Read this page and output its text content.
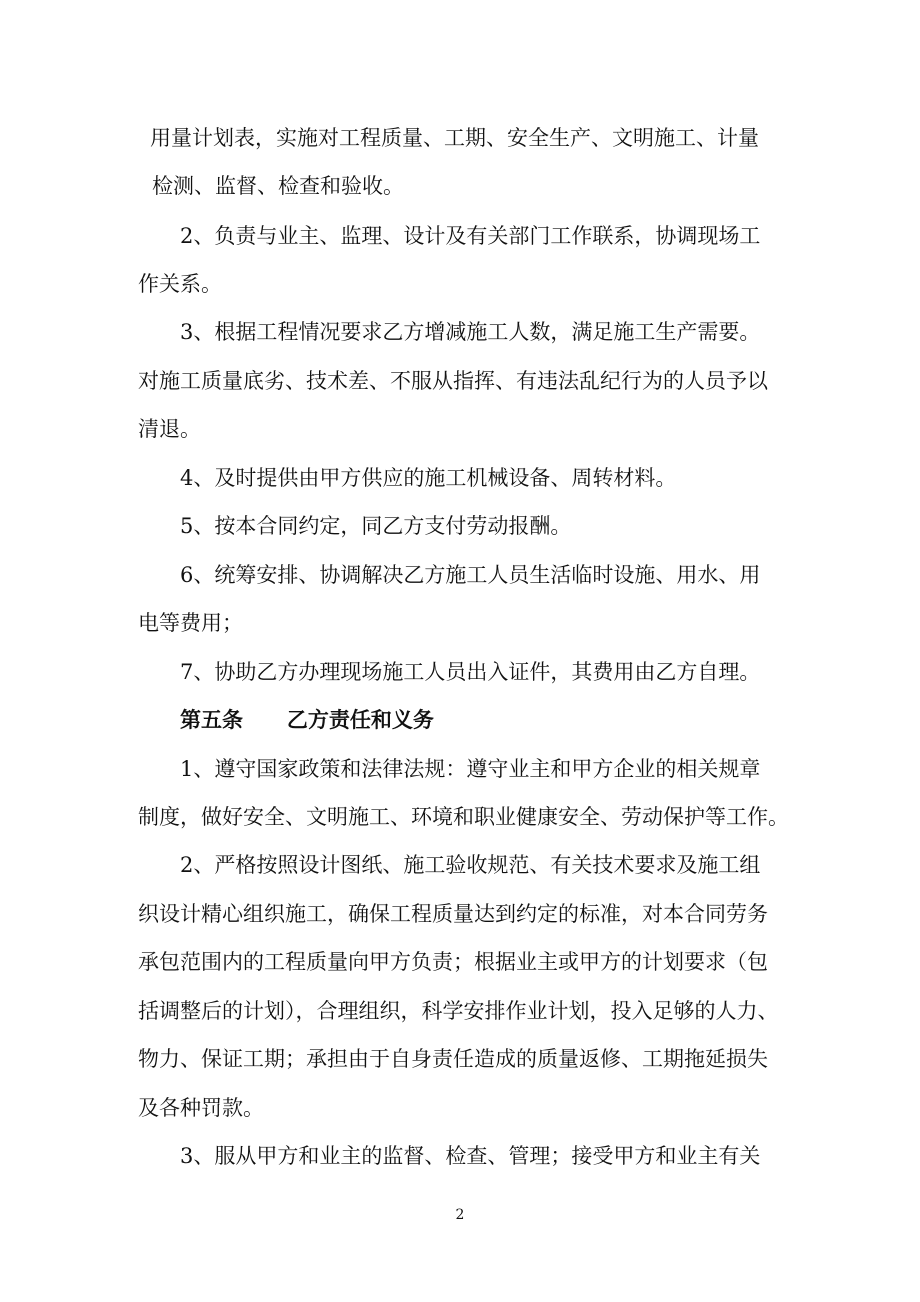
用量计划表，实施对工程质量、工期、安全生产、文明施工、计量
检测、监督、检查和验收。
2、负责与业主、监理、设计及有关部门工作联系，协调现场工
作关系。
3、根据工程情况要求乙方增减施工人数，满足施工生产需要。
对施工质量底劣、技术差、不服从指挥、有违法乱纪行为的人员予以
清退。
4、及时提供由甲方供应的施工机械设备、周转材料。
5、按本合同约定，同乙方支付劳动报酬。
6、统筹安排、协调解决乙方施工人员生活临时设施、用水、用
电等费用；
7、协助乙方办理现场施工人员出入证件，其费用由乙方自理。
第五条      乙方责任和义务
1、遵守国家政策和法律法规：遵守业主和甲方企业的相关规章
制度，做好安全、文明施工、环境和职业健康安全、劳动保护等工作。
2、严格按照设计图纸、施工验收规范、有关技术要求及施工组
织设计精心组织施工，确保工程质量达到约定的标准，对本合同劳务
承包范围内的工程质量向甲方负责；根据业主或甲方的计划要求（包
括调整后的计划），合理组织，科学安排作业计划，投入足够的人力、
物力、保证工期；承担由于自身责任造成的质量返修、工期拖延损失
及各种罚款。
3、服从甲方和业主的监督、检查、管理；接受甲方和业主有关
2
